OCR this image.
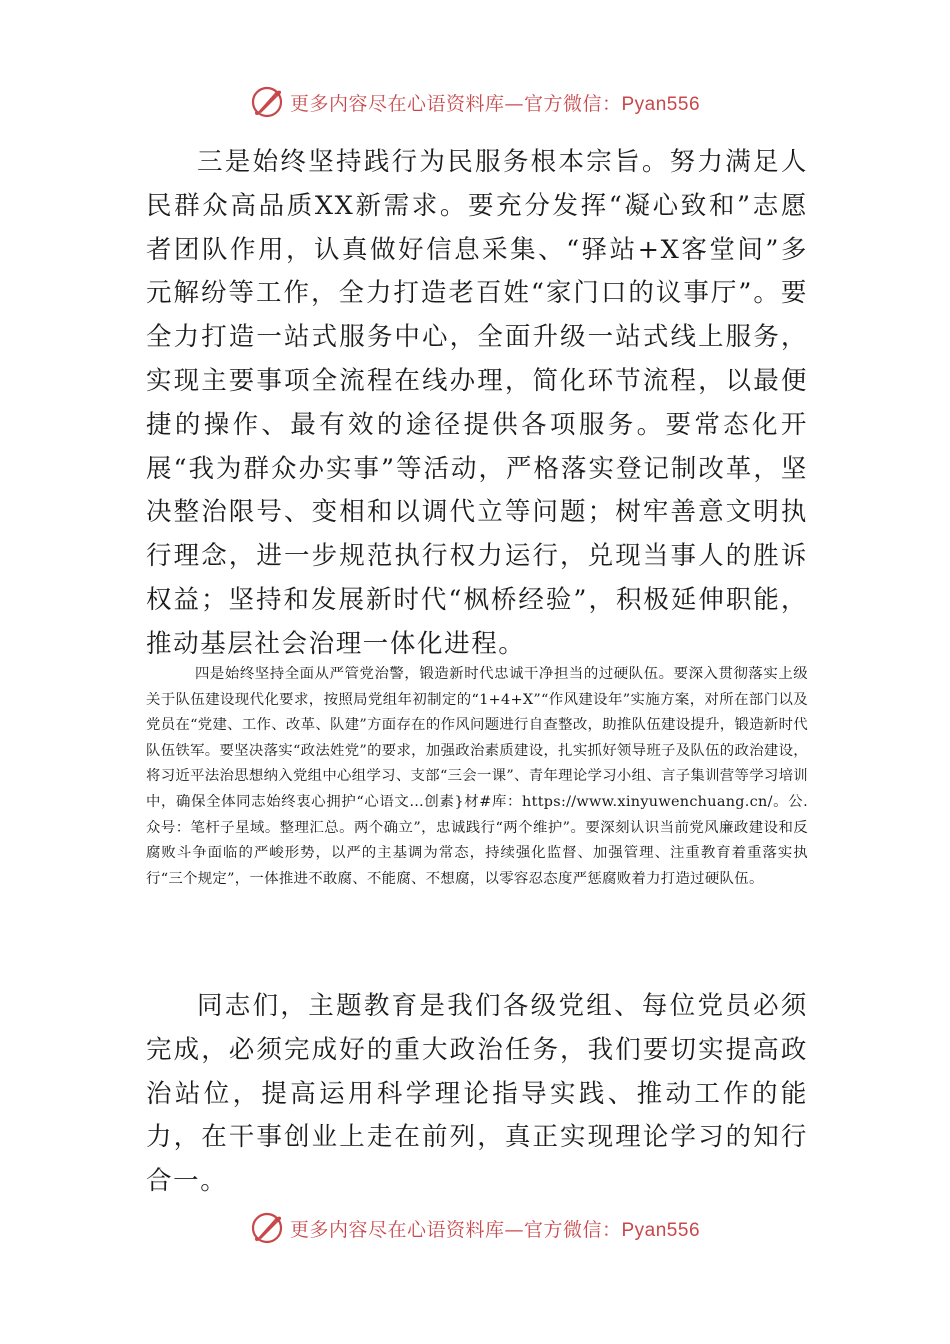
更多内容尽在心语资料库—官方微信：Pyan556

三是始终坚持践行为民服务根本宗旨。努力满足人民群众高品质XX新需求。要充分发挥“凝心致和”志愿者团队作用，认真做好信息采集、“驿站+X客堂间”多元解纷等工作，全力打造老百姓“家门口的议事厅”。要全力打造一站式服务中心，全面升级一站式线上服务，实现主要事项全流程在线办理，简化环节流程，以最便捷的操作、最有效的途径提供各项服务。要常态化开展“我为群众办实事”等活动，严格落实登记制改革，坚决整治限号、变相和以调代立等问题；树牢善意文明执行理念，进一步规范执行权力运行，兑现当事人的胜诉权益；坚持和发展新时代“枫桥经验”，积极延伸职能，推动基层社会治理一体化进程。

四是始终坚持全面从严管党治警，锻造新时代忠诚干净担当的过硬队伍。要深入贯彻落实上级关于队伍建设现代化要求，按照局党组年初制定的“1+4+X”“作风建设年”实施方案，对所在部门以及党员在“党建、工作、改革、队建”方面存在的作风问题进行自查整改，助推队伍建设提升，锻造新时代队伍铁军。要坚决落实“政法姓党”的要求，加强政治素质建设，扎实抓好领导班子及队伍的政治建设，将习近平法治思想纳入党组中心组学习、支部“三会一课”、青年理论学习小组、言子集训营等学习培训中，确保全体同志始终衷心拥护“心语文…创素}材#库：https://www.xinyuwenchuang.cn/。公.众号：笔杆子星域。整理汇总。两个确立”，忠诚践行“两个维护”。要深刻认识当前党风廉政建设和反腐败斗争面临的严峻形势，以严的主基调为常态，持续强化监督、加强管理、注重教育着重落实执行“三个规定”，一体推进不敢腐、不能腐、不想腐，以零容忍态度严惩腐败着力打造过硬队伍。

同志们，主题教育是我们各级党组、每位党员必须完成，必须完成好的重大政治任务，我们要切实提高政治站位，提高运用科学理论指导实践、推动工作的能力，在干事创业上走在前列，真正实现理论学习的知行合一。

更多内容尽在心语资料库—官方微信：Pyan556
